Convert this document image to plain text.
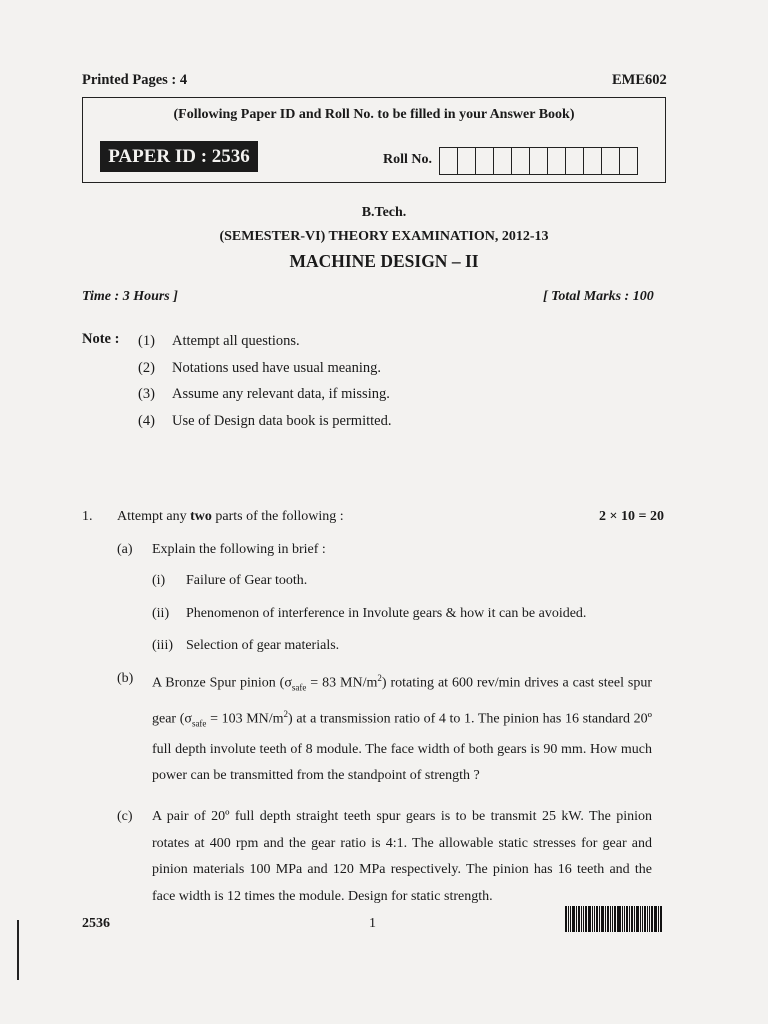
Printed Pages : 4	EME602
(Following Paper ID and Roll No. to be filled in your Answer Book)
PAPER ID : 2536	Roll No.
B.Tech.
(SEMESTER-VI) THEORY EXAMINATION, 2012-13
MACHINE DESIGN – II
Time : 3 Hours ]	[ Total Marks : 100
Note : (1) Attempt all questions.
(2) Notations used have usual meaning.
(3) Assume any relevant data, if missing.
(4) Use of Design data book is permitted.
1. Attempt any two parts of the following :	2 × 10 = 20
(a) Explain the following in brief :
(i) Failure of Gear tooth.
(ii) Phenomenon of interference in Involute gears & how it can be avoided.
(iii) Selection of gear materials.
(b) A Bronze Spur pinion ($\sigma_{safe} = 83$ $MN/m^2$) rotating at 600 rev/min drives a cast steel spur gear ($\sigma_{safe} = 103$ $MN/m^2$) at a transmission ratio of 4 to 1. The pinion has 16 standard 20º full depth involute teeth of 8 module. The face width of both gears is 90 mm. How much power can be transmitted from the standpoint of strength ?
(c) A pair of 20º full depth straight teeth spur gears is to be transmit 25 kW. The pinion rotates at 400 rpm and the gear ratio is 4:1. The allowable static stresses for gear and pinion materials 100 MPa and 120 MPa respectively. The pinion has 16 teeth and the face width is 12 times the module. Design for static strength.
2536	1
